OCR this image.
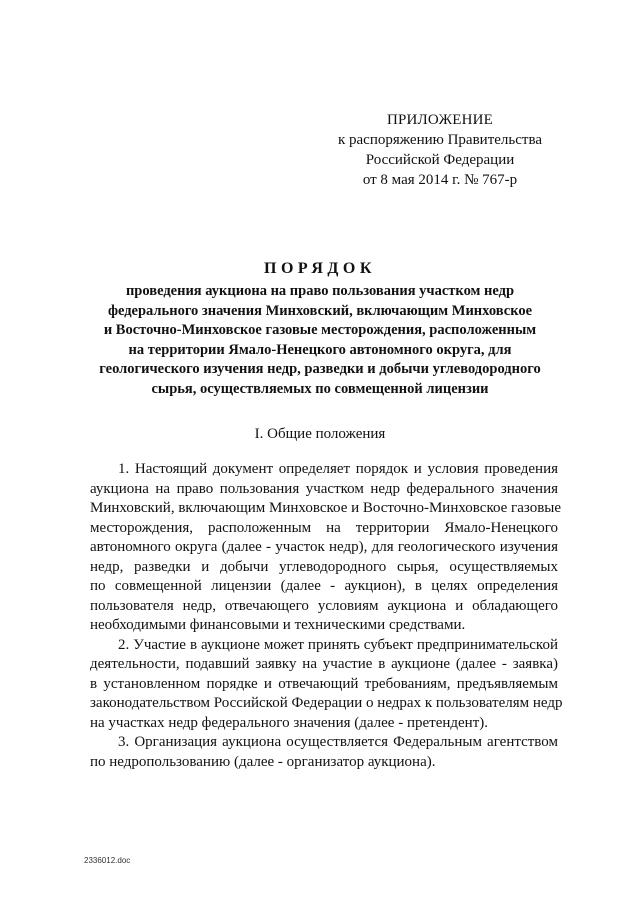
ПРИЛОЖЕНИЕ
к распоряжению Правительства
Российской Федерации
от 8 мая 2014 г. № 767-р
ПОРЯДОК
проведения аукциона на право пользования участком недр
федерального значения Минховский, включающим Минховское
и Восточно-Минховское газовые месторождения, расположенным
на территории Ямало-Ненецкого автономного округа, для
геологического изучения недр, разведки и добычи углеводородного
сырья, осуществляемых по совмещенной лицензии
I. Общие положения
1. Настоящий документ определяет порядок и условия проведения
аукциона на право пользования участком недр федерального значения
Минховский, включающим Минховское и Восточно-Минховское газовые
месторождения, расположенным на территории Ямало-Ненецкого
автономного округа (далее - участок недр), для геологического изучения
недр, разведки и добычи углеводородного сырья, осуществляемых
по совмещенной лицензии (далее - аукцион), в целях определения
пользователя недр, отвечающего условиям аукциона и обладающего
необходимыми финансовыми и техническими средствами.
2. Участие в аукционе может принять субъект предпринимательской
деятельности, подавший заявку на участие в аукционе (далее - заявка)
в установленном порядке и отвечающий требованиям, предъявляемым
законодательством Российской Федерации о недрах к пользователям недр
на участках недр федерального значения (далее - претендент).
3. Организация аукциона осуществляется Федеральным агентством
по недропользованию (далее - организатор аукциона).
2336012.doc
